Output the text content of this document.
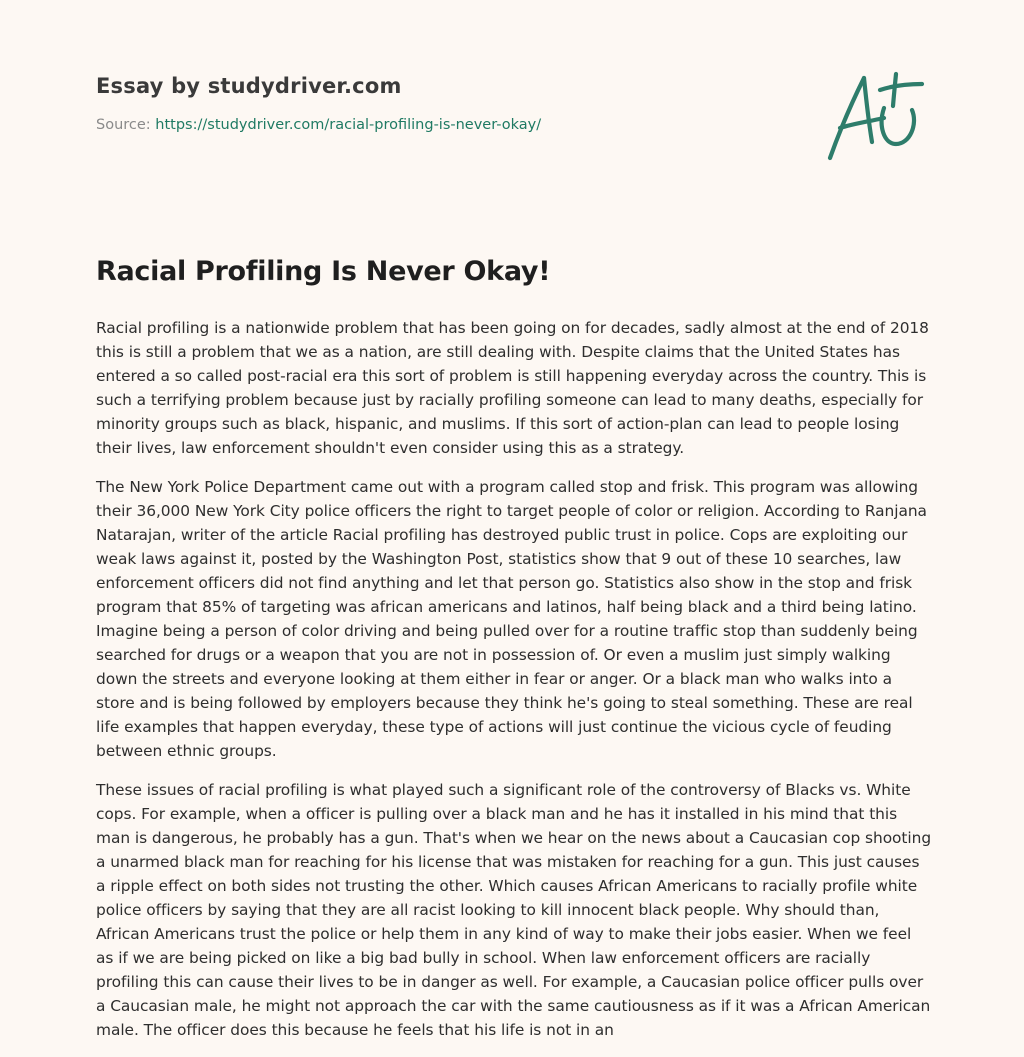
Essay by studydriver.com
Source: https://studydriver.com/racial-profiling-is-never-okay/
Racial Profiling Is Never Okay!

Racial profiling is a nationwide problem that has been going on for decades, sadly almost at the end of 2018 this is still a problem that we as a nation, are still dealing with. Despite claims that the United States has entered a so called post-racial era this sort of problem is still happening everyday across the country. This is such a terrifying problem because just by racially profiling someone can lead to many deaths, especially for minority groups such as black, hispanic, and muslims. If this sort of action-plan can lead to people losing their lives, law enforcement shouldn't even consider using this as a strategy.

The New York Police Department came out with a program called stop and frisk. This program was allowing their 36,000 New York City police officers the right to target people of color or religion. According to Ranjana Natarajan, writer of the article Racial profiling has destroyed public trust in police. Cops are exploiting our weak laws against it, posted by the Washington Post, statistics show that 9 out of these 10 searches, law enforcement officers did not find anything and let that person go. Statistics also show in the stop and frisk program that 85% of targeting was african americans and latinos, half being black and a third being latino. Imagine being a person of color driving and being pulled over for a routine traffic stop than suddenly being searched for drugs or a weapon that you are not in possession of. Or even a muslim just simply walking down the streets and everyone looking at them either in fear or anger. Or a black man who walks into a store and is being followed by employers because they think he's going to steal something. These are real life examples that happen everyday, these type of actions will just continue the vicious cycle of feuding between ethnic groups.

These issues of racial profiling is what played such a significant role of the controversy of Blacks vs. White cops. For example, when a officer is pulling over a black man and he has it installed in his mind that this man is dangerous, he probably has a gun. That's when we hear on the news about a Caucasian cop shooting a unarmed black man for reaching for his license that was mistaken for reaching for a gun. This just causes a ripple effect on both sides not trusting the other. Which causes African Americans to racially profile white police officers by saying that they are all racist looking to kill innocent black people. Why should than, African Americans trust the police or help them in any kind of way to make their jobs easier. When we feel as if we are being picked on like a big bad bully in school. When law enforcement officers are racially profiling this can cause their lives to be in danger as well. For example, a Caucasian police officer pulls over a Caucasian male, he might not approach the car with the same cautiousness as if it was a African American male. The officer does this because he feels that his life is not in an
